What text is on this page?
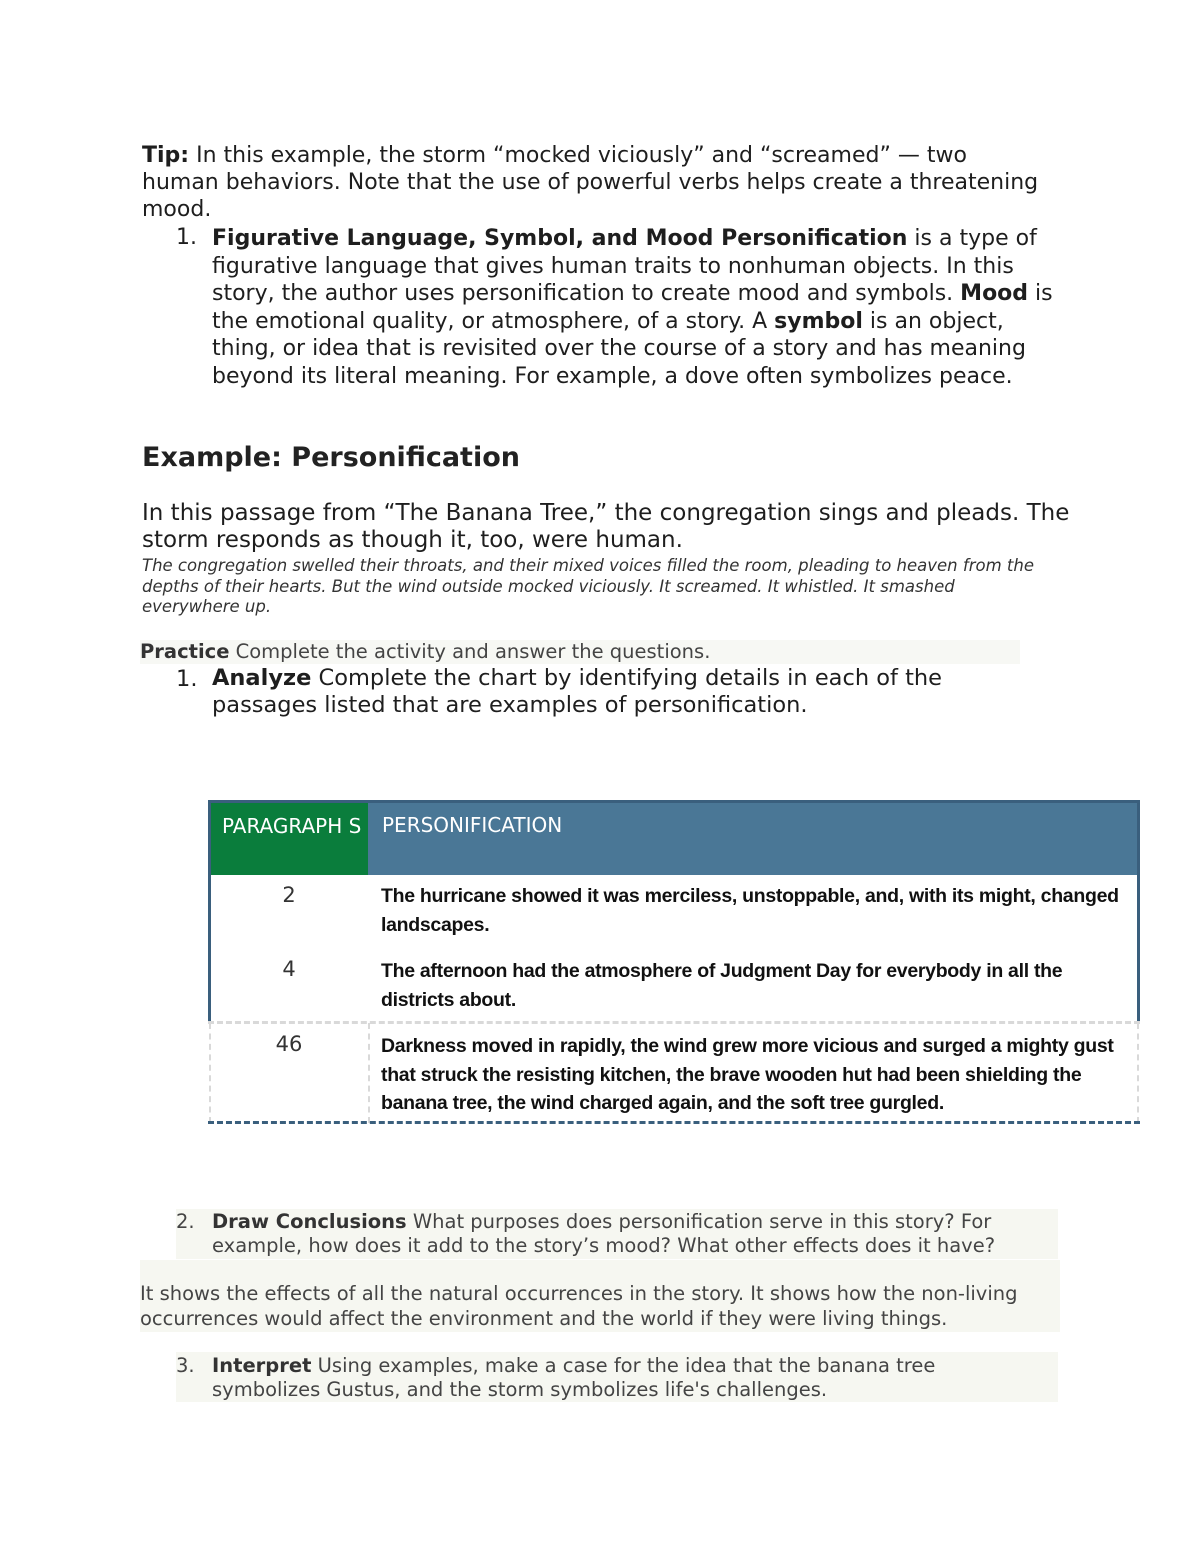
Tip: In this example, the storm “mocked viciously” and “screamed” — two human behaviors. Note that the use of powerful verbs helps create a threatening mood.
1. Figurative Language, Symbol, and Mood Personification is a type of figurative language that gives human traits to nonhuman objects. In this story, the author uses personification to create mood and symbols. Mood is the emotional quality, or atmosphere, of a story. A symbol is an object, thing, or idea that is revisited over the course of a story and has meaning beyond its literal meaning. For example, a dove often symbolizes peace.
Example: Personification
In this passage from “The Banana Tree,” the congregation sings and pleads. The storm responds as though it, too, were human.
The congregation swelled their throats, and their mixed voices filled the room, pleading to heaven from the depths of their hearts. But the wind outside mocked viciously. It screamed. It whistled. It smashed everywhere up.
Practice Complete the activity and answer the questions.
1. Analyze Complete the chart by identifying details in each of the passages listed that are examples of personification.
PARAGRAPH S	PERSONIFICATION
2	The hurricane showed it was merciless, unstoppable, and, with its might, changed landscapes.
4	The afternoon had the atmosphere of Judgment Day for everybody in all the districts about.
46	Darkness moved in rapidly, the wind grew more vicious and surged a mighty gust that struck the resisting kitchen, the brave wooden hut had been shielding the banana tree, the wind charged again, and the soft tree gurgled.
2. Draw Conclusions What purposes does personification serve in this story? For example, how does it add to the story’s mood? What other effects does it have?
It shows the effects of all the natural occurrences in the story. It shows how the non-living occurrences would affect the environment and the world if they were living things.
3. Interpret Using examples, make a case for the idea that the banana tree symbolizes Gustus, and the storm symbolizes life's challenges.
